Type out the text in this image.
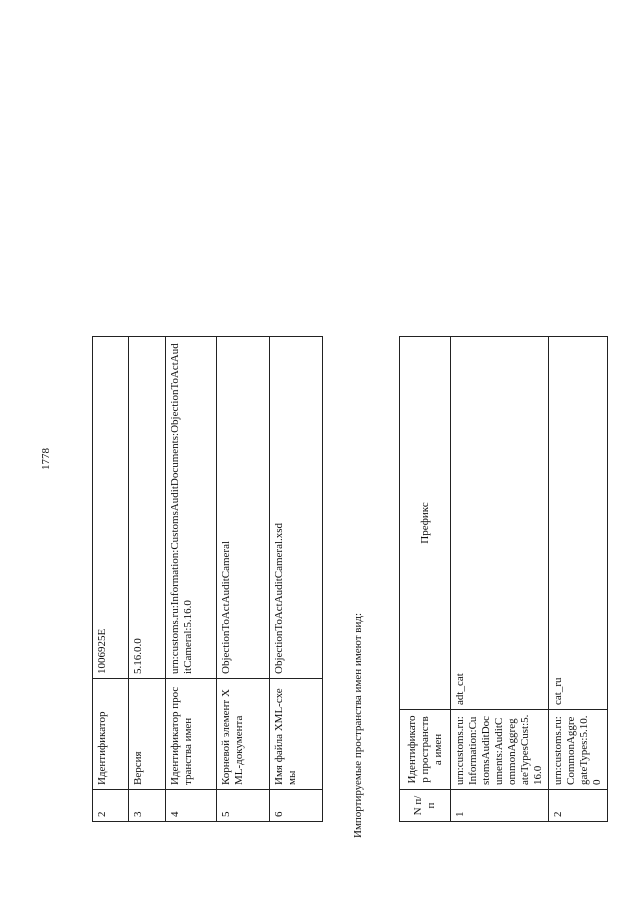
1778
2	Идентификатор	1006925E
3	Версия	5.16.0.0
4	Идентификатор пространства имен	urn:customs.ru:Information:CustomsAuditDocuments:ObjectionToActAuditCameral:5.16.0
5	Корневой элемент XML-документа	ObjectionToActAuditCameral
6	Имя файла XML-схемы	ObjectionToActAuditCameral.xsd
Импортируемые пространства имен имеют вид:	N п/п	Идентификатор пространства имен	Префикс
1	urn:customs.ru:Information:CustomsAuditDocuments:AuditCommonAggregateTypesCust:5.16.0	adt_cat
2	urn:customs.ru:CommonAggregateTypes:5.10.0	cat_ru
